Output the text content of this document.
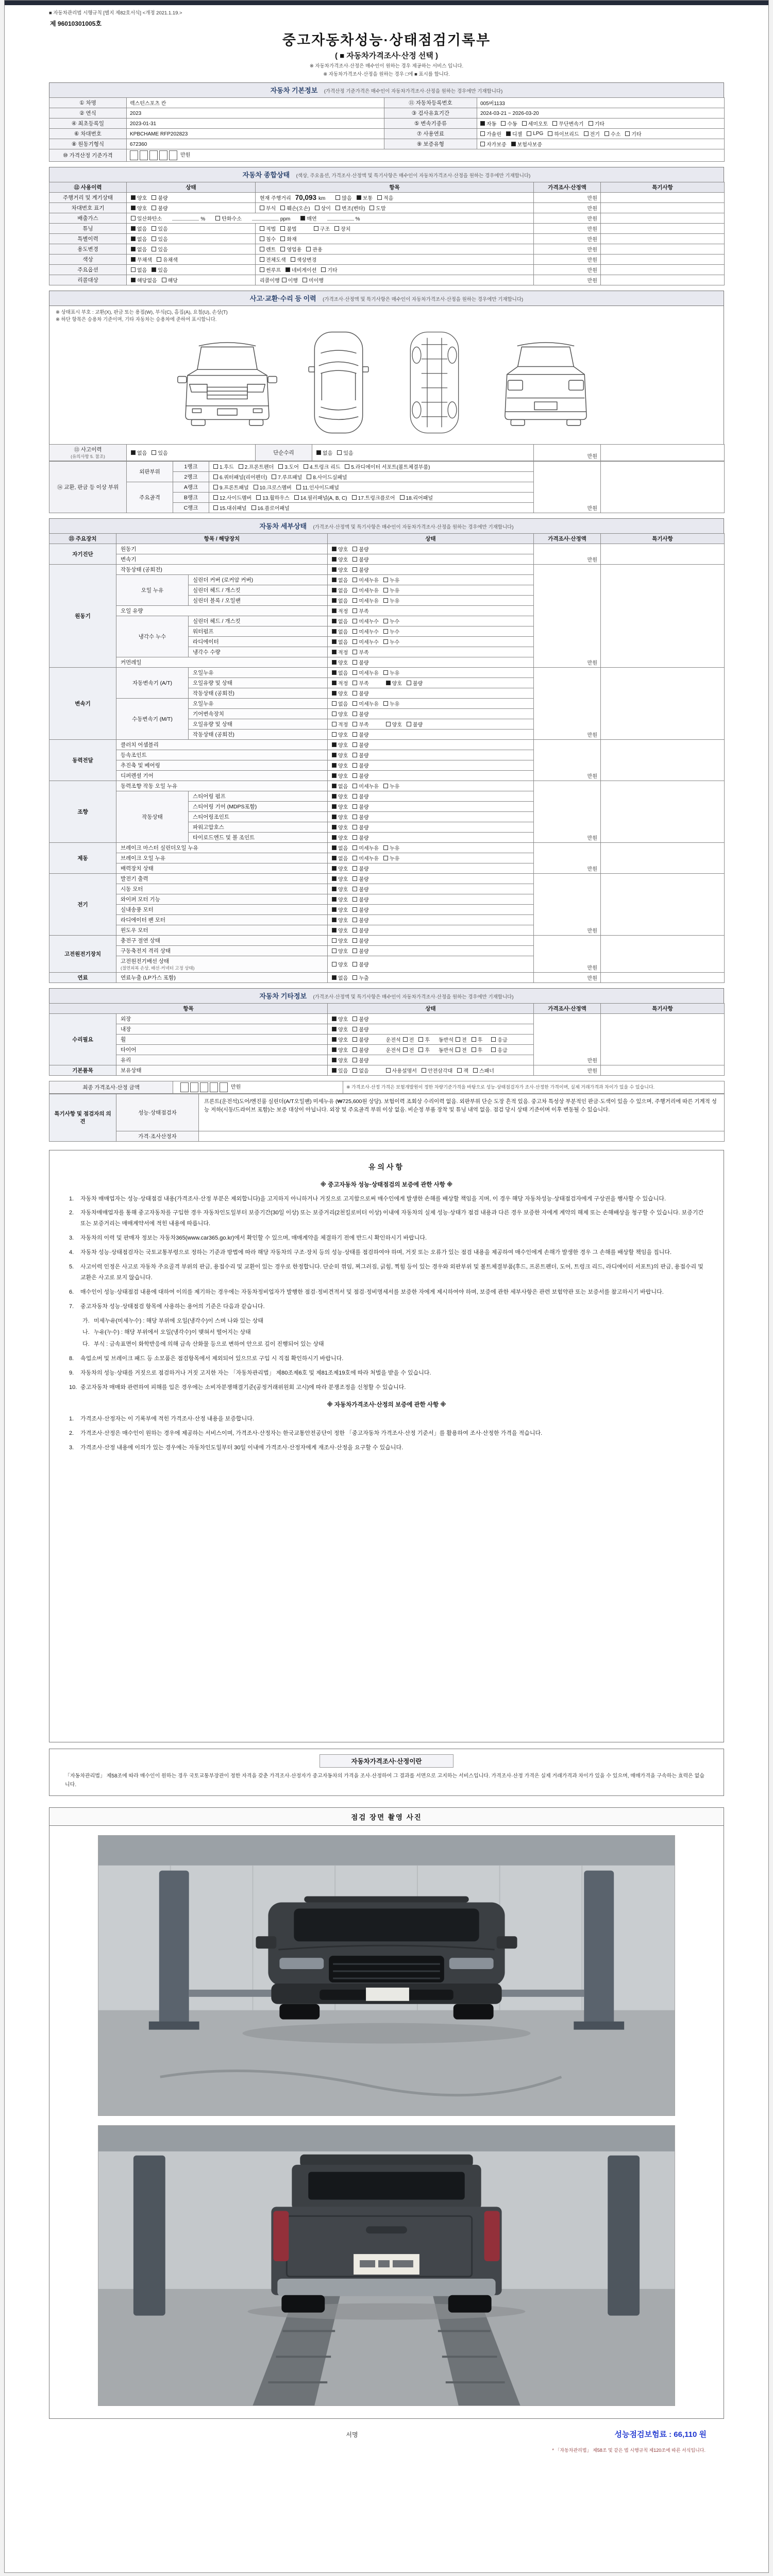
■ 자동차관리법 시행규칙 [별지 제82호서식] <개정 2021.1.19.>
제 96010301005호
중고자동차성능·상태점검기록부
( ■ 자동차가격조사·산정 선택 )
※ 자동차가격조사·산정은 매수인이 원하는 경우 제공하는 서비스 입니다.
※ 자동차가격조사·산정을 원하는 경우 □에 ■ 표시를 합니다.
자동차 기본정보 (가격산정 기준가격은 매수인이 자동차가격조사·산정을 원하는 경우에만 기재합니다)
① 차명	렉스턴스포츠 칸	⑪ 자동차등록번호	005버1133
② 연식	2023	③ 검사유효기간	2024-03-21 ~ 2026-03-20
④ 최초등록일	2023-01-31	⑤ 변속기종류	자동 수동 세미오토 무단변속기 기타

⑥ 차대번호	KPBCHAME RFP202823	⑦ 사용연료	가솔린 디젤 LPG 하이브리드 전기 수소 기타

⑧ 원동기형식	672360	⑨ 보증유형	자가보증 보험사보증

⑩ 가격산정 기준가격	만원		
자동차 종합상태 (색상, 주요옵션, 가격조사·산정액 및 특기사항은 매수인이 자동차가격조사·산정을 원하는 경우에만 기재합니다)
⑫ 사용이력	상태	항목	가격조사·산정액	특기사항
주행거리 및 계기상태	양호 불량	현재 주행거리 70,093 km 많음 보통 적음	만원	
차대번호 표기	양호 불량	부식 훼손(오손) 상이 변조(변타) 도말	만원	
배출가스	일산화탄소	%	탄화수소	ppm	매연	%	만원	
튜닝	없음 있음	적법 불법 구조 장치	만원	
특별이력	없음 있음	침수 화재	만원	
용도변경	없음 있음	렌트 영업용 관용	만원	
색상	무채색 유채색	전체도색 색상변경	만원	
주요옵션	없음 있음	썬루프 네비게이션 기타	만원	
리콜대상	해당없음 해당	리콜이행 이행 미이행	만원	
사고·교환·수리 등 이력 (가격조사·산정액 및 특기사항은 매수인이 자동차가격조사·산정을 원하는 경우에만 기재합니다)
※ 상태표시 부호 : 교환(X), 판금 또는 용접(W), 부식(C), 흠집(A), 요철(U), 손상(T)
※ 하단 항목은 승용차 기준이며, 기타 자동차는 승용차에 준하여 표시합니다.
⑬ 사고이력
(유의사항 5. 참조)	없음 있음	단순수리	없음 있음
	만원	
⑭ 교환, 판금 등 이상 부위	외판부위	1랭크	1.후드 2.프론트펜더 3.도어 4.트렁크 리드 5.라디에이터 서포트(볼트체결부품)	만원	
		2랭크	6.쿼터패널(리어펜더) 7.루프패널 8.사이드실패널		

	주요골격	A랭크	9.프론트패널 10.크로스멤버 11.인사이드패널		

		B랭크	12.사이드멤버 13.휠하우스 14.필러패널(A, B, C) 17.트렁크플로어 18.리어패널		

		C랭크	15.대쉬패널 16.플로어패널		
자동차 세부상태 (가격조사·산정액 및 특기사항은 매수인이 자동차가격조사·산정을 원하는 경우에만 기재합니다)
⑮ 주요장치	항목 / 해당장치		상태	가격조사·산정액	특기사항
자기진단	원동기		양호 불량	만원	
	변속기		양호 불량		

원동기	작동상태 (공회전)		양호 불량	만원	
	오일 누유	실린더 커버 (로커암 커버)	없음 미세누유 누유		

		실린더 헤드 / 개스킷	없음 미세누유 누유		

		실린더 블록 / 오일팬	없음 미세누유 누유		

	오일 유량		적정 부족		

	냉각수 누수	실린더 헤드 / 개스킷	없음 미세누수 누수		

		워터펌프	없음 미세누수 누수		

		라디에이터	없음 미세누수 누수		

		냉각수 수량	적정 부족		

	커먼레일		양호 불량		

변속기	자동변속기 (A/T)	오일누유	없음 미세누유 누유	만원	
		오일유량 및 상태	적정 부족 양호 불량		

		작동상태 (공회전)	양호 불량		

	수동변속기 (M/T)	오일누유	없음 미세누유 누유		

		기어변속장치	양호 불량		

		오일유량 및 상태	적정 부족 양호 불량		

		작동상태 (공회전)	양호 불량		

동력전달	클러치 어셈블리		양호 불량	만원	
	등속조인트		양호 불량		

	추진축 및 베어링		양호 불량		

	디퍼렌셜 기어		양호 불량		

조향	동력조향 작동 오일 누유		없음 미세누유 누유	만원	
	작동상태	스티어링 펌프	양호 불량		

		스티어링 기어 (MDPS포함)	양호 불량		

		스티어링조인트	양호 불량		

		파워고압호스	양호 불량		

		타이로드엔드 및 볼 조인트	양호 불량		

제동	브레이크 마스터 실린더오일 누유		없음 미세누유 누유	만원	
	브레이크 오일 누유		없음 미세누유 누유		

	배력장치 상태		양호 불량		

전기	발전기 출력		양호 불량	만원	
	시동 모터		양호 불량		

	와이퍼 모터 기능		양호 불량		

	실내송풍 모터		양호 불량		

	라디에이터 팬 모터		양호 불량		

	윈도우 모터		양호 불량		

고전원전기장치	충전구 절연 상태		양호 불량	만원	
	구동축전지 격리 상태		양호 불량		

	고전원전기배선 상태
(절연피복 손상, 배선·커넥터 고정 상태)		양호 불량		

연료	연료누출 (LP가스 포함)		없음 누출	만원	
자동차 기타정보 (가격조사·산정액 및 특기사항은 매수인이 자동차가격조사·산정을 원하는 경우에만 기재합니다)
항목		상태	가격조사·산정액	특기사항
수리필요	외장	양호 불량	만원	
	내장	양호 불량		

휠	양호 불량	운전석 전 후 동반석 전 후	응급

타이어	양호 불량	운전석 전 후 동반석 전 후	응급

	유리	양호 불량		

기본품목	보유상태	있음 없음	사용설명서 안전삼각대 잭 스패너	만원	
최종 가격조사·산정 금액	만원	※ 가격조사·산정 가격은 보험개발원이 정한 차량기준가격을 바탕으로 성능·상태점검자가 조사·산정한 가격이며, 실제 거래가격과 차이가 있을 수 있습니다.
특기사항 및 점검자의 의견	성능·상태점검자	프론트(운전석)도어/엔진룸 실린더(A/T오일팬) 미세누유 (₩725,600원 상당). 보험이력 조회상 수리이력 없음. 외판부위 단순 도장 흔적 있음. 중고차 특성상 부분적인 판금·도색이 있을 수 있으며, 주행거리에 따른 기계적 성능 저하(시동/드라이브 포함)는 보증 대상이 아닙니다. 외장 및 주요골격 부위 이상 없음. 비순정 부품 장착 및 튜닝 내역 없음. 점검 당시 상태 기준이며 이후 변동될 수 있습니다.
	가격·조사산정자	
유의사항
※ 중고자동차 성능·상태점검의 보증에 관한 사항 ※
1.	자동차 매매업자는 성능·상태점검 내용(가격조사·산정 부분은 제외합니다)을 고지하지 아니하거나 거짓으로 고지함으로써 매수인에게 발생한 손해를 배상할 책임을 지며, 이 경우 해당 자동차성능·상태점검자에게 구상권을 행사할 수 있습니다.
2.	자동차매매업자를 통해 중고자동차를 구입한 경우 자동차인도일부터 보증기간(30일 이상) 또는 보증거리(2천킬로미터 이상) 이내에 자동차의 실제 성능·상태가 점검 내용과 다른 경우 보증한 자에게 계약의 해제 또는 손해배상을 청구할 수 있습니다. 보증기간 또는 보증거리는 매매계약서에 적힌 내용에 따릅니다.
3.	자동차의 이력 및 판매자 정보는 자동차365(www.car365.go.kr)에서 확인할 수 있으며, 매매계약을 체결하기 전에 반드시 확인하시기 바랍니다.
4.	자동차 성능·상태점검자는 국토교통부령으로 정하는 기준과 방법에 따라 해당 자동차의 구조·장치 등의 성능·상태를 점검하여야 하며, 거짓 또는 오류가 있는 점검 내용을 제공하여 매수인에게 손해가 발생한 경우 그 손해를 배상할 책임을 집니다.
5.	사고이력 인정은 사고로 자동차 주요골격 부위의 판금, 용접수리 및 교환이 있는 경우로 한정합니다. 단순히 꺾임, 찌그러짐, 긁힘, 찍힘 등이 있는 경우와 외판부위 및 볼트체결부품(후드, 프론트펜더, 도어, 트렁크 리드, 라디에이터 서포트)의 판금, 용접수리 및 교환은 사고로 보지 않습니다.
6.	매수인이 성능·상태점검 내용에 대하여 이의를 제기하는 경우에는 자동차정비업자가 발행한 점검·정비견적서 및 점검·정비명세서를 보증한 자에게 제시하여야 하며, 보증에 관한 세부사항은 관련 보험약관 또는 보증서를 참고하시기 바랍니다.
7.	중고자동차 성능·상태점검 항목에 사용하는 용어의 기준은 다음과 같습니다.
가. 미세누유(미세누수) : 해당 부위에 오일(냉각수)이 스며 나와 있는 상태
나. 누유(누수) : 해당 부위에서 오일(냉각수)이 맺혀서 떨어지는 상태
다. 부식 : 금속표면이 화학반응에 의해 금속 산화물 등으로 변하여 안으로 깊이 진행되어 있는 상태
8.	쇽업소버 및 브레이크 패드 등 소모품은 점검항목에서 제외되어 있으므로 구입 시 직접 확인하시기 바랍니다.
9.	자동차의 성능·상태를 거짓으로 점검하거나 거짓 고지한 자는 「자동차관리법」 제80조제6호 및 제81조제19호에 따라 처벌을 받을 수 있습니다.
10. 중고자동차 매매와 관련하여 피해를 입은 경우에는 소비자분쟁해결기준(공정거래위원회 고시)에 따라 분쟁조정을 신청할 수 있습니다.
※ 자동차가격조사·산정의 보증에 관한 사항 ※
1.	가격조사·산정자는 이 기록부에 적힌 가격조사·산정 내용을 보증합니다.
2.	가격조사·산정은 매수인이 원하는 경우에 제공하는 서비스이며, 가격조사·산정자는 한국교통안전공단이 정한 「중고자동차 가격조사·산정 기준서」를 활용하여 조사·산정한 가격을 적습니다.
3.	가격조사·산정 내용에 이의가 있는 경우에는 자동차인도일부터 30일 이내에 가격조사·산정자에게 재조사·산정을 요구할 수 있습니다.
자동차가격조사·산정이란
「자동차관리법」 제58조에 따라 매수인이 원하는 경우 국토교통부장관이 정한 자격을 갖춘 가격조사·산정자가 중고자동차의 가격을 조사·산정하여 그 결과를 서면으로 고지하는 서비스입니다. 가격조사·산정 가격은 실제 거래가격과 차이가 있을 수 있으며, 매매가격을 구속하는 효력은 없습니다.
점검 장면 촬영 사진
서명	성능점검보험료 : 66,110 원
* 「자동차관리법」 제58조 및 같은 법 시행규칙 제120조에 따른 서식입니다.
